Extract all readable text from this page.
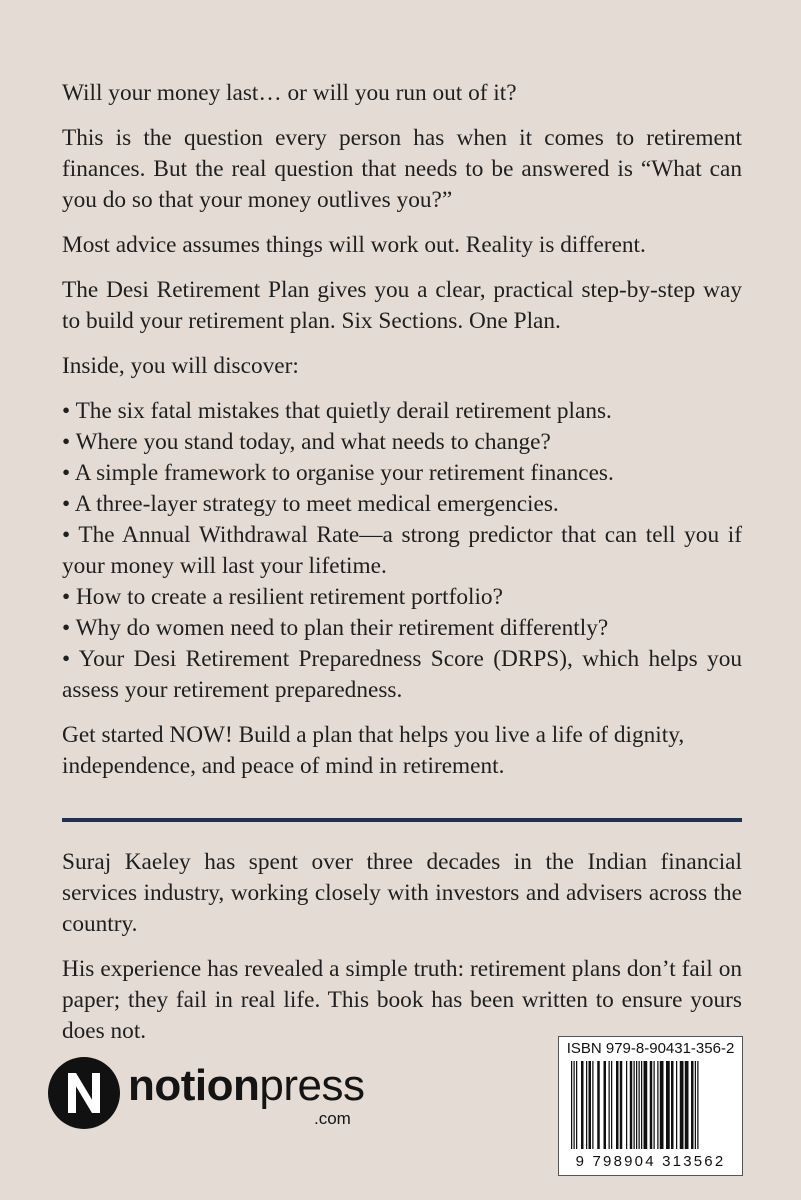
Will your money last… or will you run out of it?

This is the question every person has when it comes to retirement finances. But the real question that needs to be answered is “What can you do so that your money outlives you?”

Most advice assumes things will work out. Reality is different.

The Desi Retirement Plan gives you a clear, practical step-by-step way to build your retirement plan. Six Sections. One Plan.

Inside, you will discover:

• The six fatal mistakes that quietly derail retirement plans.
• Where you stand today, and what needs to change?
• A simple framework to organise your retirement finances.
• A three-layer strategy to meet medical emergencies.
• The Annual Withdrawal Rate—a strong predictor that can tell you if your money will last your lifetime.
• How to create a resilient retirement portfolio?
• Why do women need to plan their retirement differently?
• Your Desi Retirement Preparedness Score (DRPS), which helps you assess your retirement preparedness.

Get started NOW! Build a plan that helps you live a life of dignity, independence, and peace of mind in retirement.

Suraj Kaeley has spent over three decades in the Indian financial services industry, working closely with investors and advisers across the country.

His experience has revealed a simple truth: retirement plans don’t fail on paper; they fail in real life. This book has been written to ensure yours does not.

notionpress
.com
ISBN 979-8-90431-356-2
9 798904 313562
